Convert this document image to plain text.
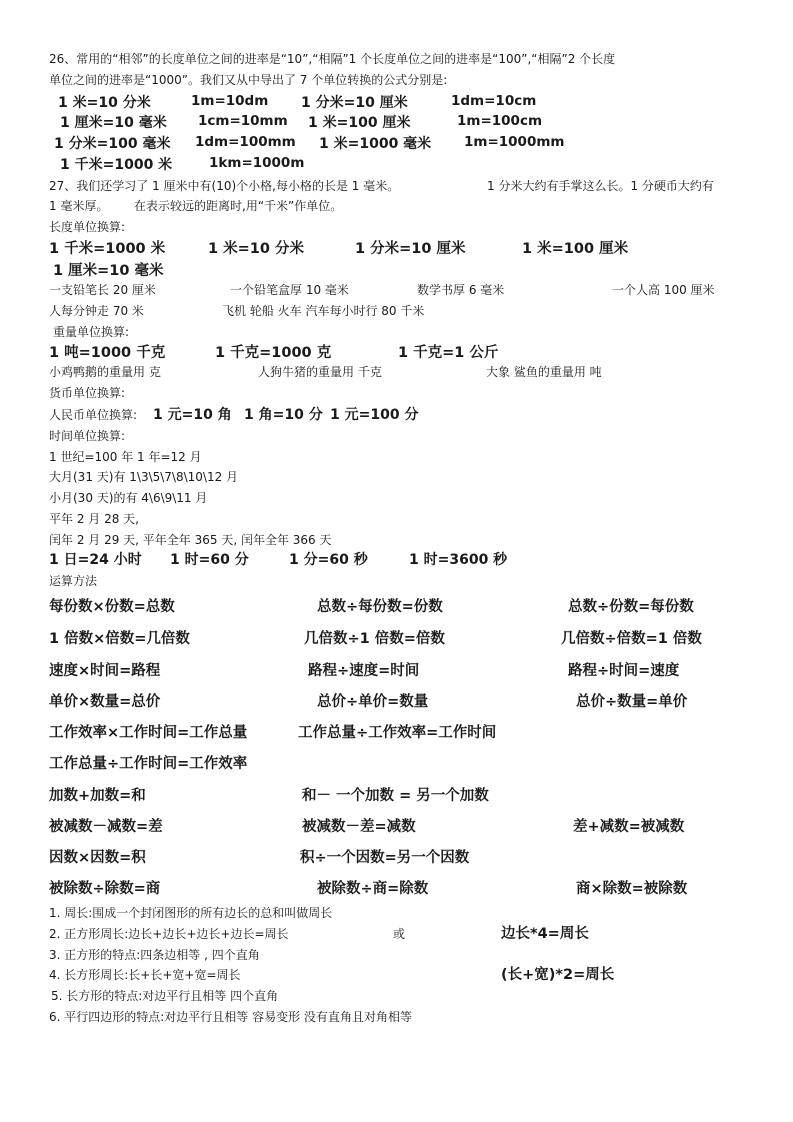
26、常用的“相邻”的长度单位之间的进率是“10”,“相隔”1 个长度单位之间的进率是“100”,“相隔”2 个长度
单位之间的进率是“1000”。我们又从中导出了 7 个单位转换的公式分别是:
1 米=10 分米	1m=10dm 1 分米=10 厘米	1dm=10cm
1 厘米=10 毫米 1cm=10mm 1 米=100 厘米	1m=100cm
1 分米=100 毫米 1dm=100mm 1 米=1000 毫米 1m=1000mm
1 千米=1000 米	1km=1000m
27、我们还学习了 1 厘米中有(10)个小格,每小格的长是 1 毫米。	1 分米大约有手掌这么长。1 分硬币大约有
1 毫米厚。 在表示较远的距离时,用“千米”作单位。
长度单位换算:
1 千米=1000 米	1 米=10 分米	1 分米=10 厘米	1 米=100 厘米
1 厘米=10 毫米
一支铅笔长 20 厘米	一个铅笔盒厚 10 毫米	数学书厚 6 毫米	一个人高 100 厘米
人每分钟走 70 米	飞机 轮船 火车 汽车每小时行 80 千米
重量单位换算:
1 吨=1000 千克	1 千克=1000 克	1 千克=1 公斤
小鸡鸭鹅的重量用 克	人狗牛猪的重量用 千克	大象 鲨鱼的重量用 吨
货币单位换算:
人民币单位换算: 1 元=10 角 1 角=10 分 1 元=100 分
时间单位换算:
1 世纪=100 年 1 年=12 月
大月(31 天)有 1\3\5\7\8\10\12 月
小月(30 天)的有 4\6\9\11 月
平年 2 月 28 天,
闰年 2 月 29 天, 平年全年 365 天, 闰年全年 366 天
1 日=24 小时 1 时=60 分	1 分=60 秒	1 时=3600 秒
运算方法
每份数×份数=总数	总数÷每份数=份数	总数÷份数=每份数
1 倍数×倍数=几倍数	几倍数÷1 倍数=倍数	几倍数÷倍数=1 倍数
速度×时间=路程	路程÷速度=时间	路程÷时间=速度
单价×数量=总价	总价÷单价=数量	总价÷数量=单价
工作效率×工作时间=工作总量	工作总量÷工作效率=工作时间
工作总量÷工作时间=工作效率
加数+加数=和	和－ 一个加数 = 另一个加数
被减数－减数=差	被减数－差=减数	差+减数=被减数
因数×因数=积	积÷一个因数=另一个因数
被除数÷除数=商	被除数÷商=除数	商×除数=被除数
1. 周长:围成一个封闭图形的所有边长的总和叫做周长
2. 正方形周长:边长+边长+边长+边长=周长	或	边长*4=周长
3. 正方形的特点:四条边相等 , 四个直角
4. 长方形周长:长+长+宽+宽=周长	(长+宽)*2=周长
5. 长方形的特点:对边平行且相等 四个直角
6. 平行四边形的特点:对边平行且相等 容易变形 没有直角且对角相等
